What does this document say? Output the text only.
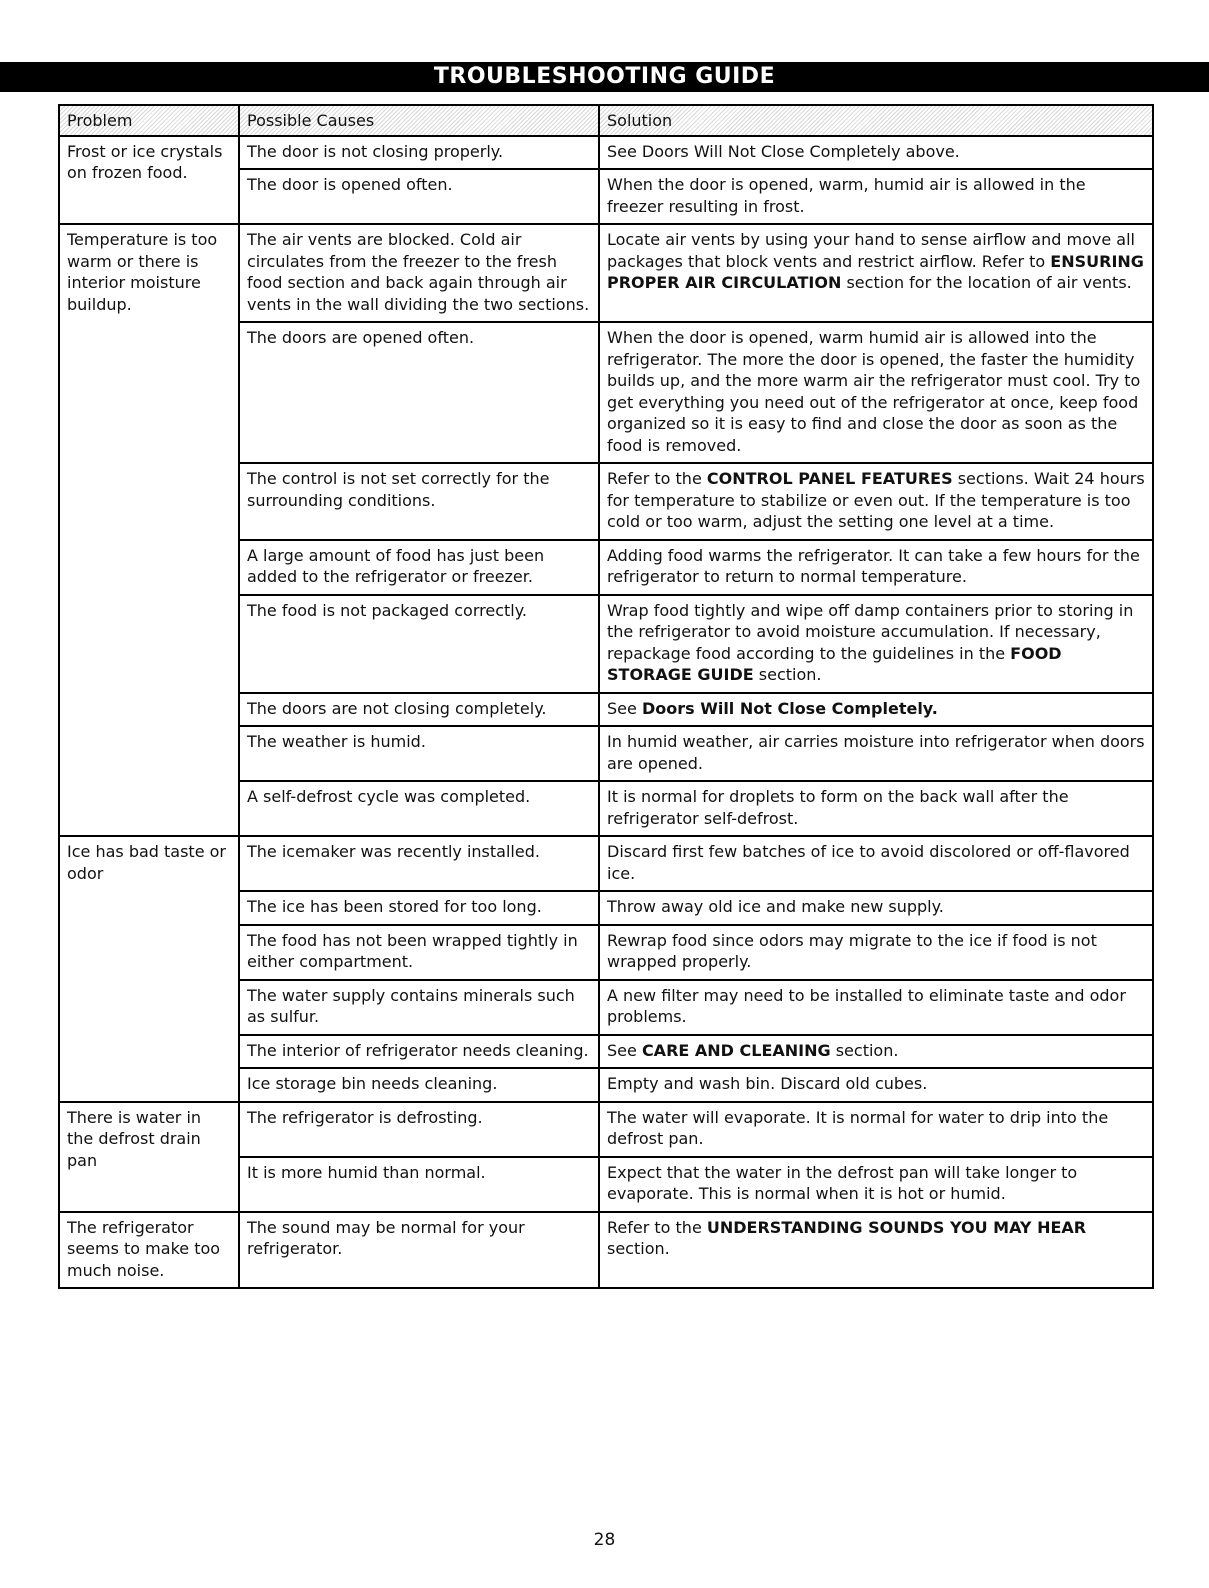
TROUBLESHOOTING GUIDE
Problem	Possible Causes	Solution
Frost or ice crystals on frozen food.	The door is not closing properly.	See Doors Will Not Close Completely above.
	The door is opened often.	When the door is opened, warm, humid air is allowed in the freezer resulting in frost.
Temperature is too warm or there is interior moisture buildup.	The air vents are blocked. Cold air circulates from the freezer to the fresh food section and back again through air vents in the wall dividing the two sections.	Locate air vents by using your hand to sense airflow and move all packages that block vents and restrict airflow. Refer to ENSURING PROPER AIR CIRCULATION section for the location of air vents.
	The doors are opened often.	When the door is opened, warm humid air is allowed into the refrigerator. The more the door is opened, the faster the humidity builds up, and the more warm air the refrigerator must cool. Try to get everything you need out of the refrigerator at once, keep food organized so it is easy to find and close the door as soon as the food is removed.
	The control is not set correctly for the surrounding conditions.	Refer to the CONTROL PANEL FEATURES sections. Wait 24 hours for temperature to stabilize or even out. If the temperature is too cold or too warm, adjust the setting one level at a time.
	A large amount of food has just been added to the refrigerator or freezer.	Adding food warms the refrigerator. It can take a few hours for the refrigerator to return to normal temperature.
	The food is not packaged correctly.	Wrap food tightly and wipe off damp containers prior to storing in the refrigerator to avoid moisture accumulation. If necessary, repackage food according to the guidelines in the FOOD STORAGE GUIDE section.
	The doors are not closing completely.	See Doors Will Not Close Completely.
	The weather is humid.	In humid weather, air carries moisture into refrigerator when doors are opened.
	A self-defrost cycle was completed.	It is normal for droplets to form on the back wall after the refrigerator self-defrost.
Ice has bad taste or odor	The icemaker was recently installed.	Discard first few batches of ice to avoid discolored or off-flavored ice.
	The ice has been stored for too long.	Throw away old ice and make new supply.
	The food has not been wrapped tightly in either compartment.	Rewrap food since odors may migrate to the ice if food is not wrapped properly.
	The water supply contains minerals such as sulfur.	A new filter may need to be installed to eliminate taste and odor problems.
	The interior of refrigerator needs cleaning.	See CARE AND CLEANING section.
	Ice storage bin needs cleaning.	Empty and wash bin. Discard old cubes.
There is water in the defrost drain pan	The refrigerator is defrosting.	The water will evaporate. It is normal for water to drip into the defrost pan.
	It is more humid than normal.	Expect that the water in the defrost pan will take longer to evaporate. This is normal when it is hot or humid.
The refrigerator seems to make too much noise.	The sound may be normal for your refrigerator.	Refer to the UNDERSTANDING SOUNDS YOU MAY HEAR section.
28
